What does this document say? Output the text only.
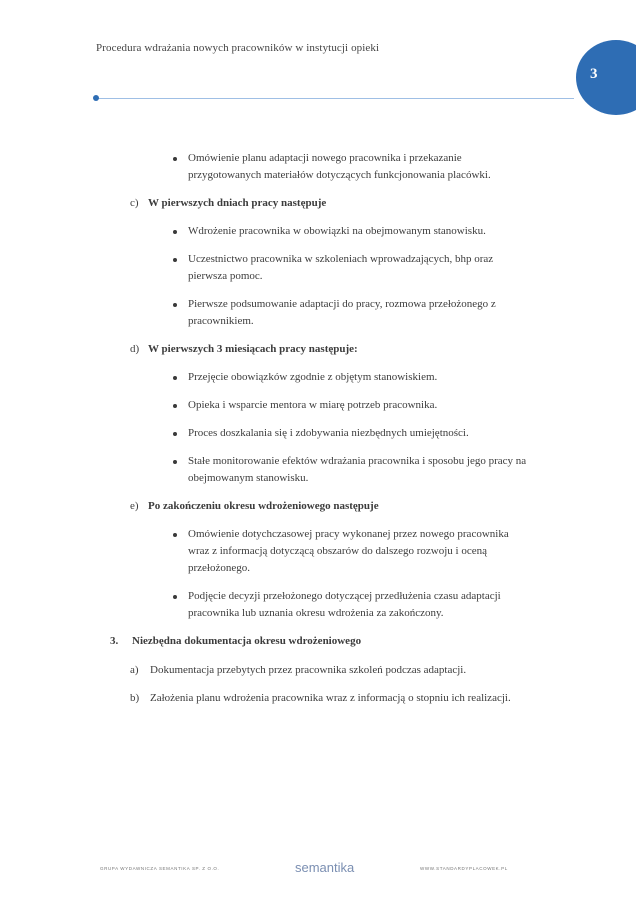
Procedura wdrażania nowych pracowników w instytucji opieki
3
Omówienie planu adaptacji nowego pracownika i przekazanie przygotowanych materiałów dotyczących funkcjonowania placówki.
c) W pierwszych dniach pracy następuje
Wdrożenie pracownika w obowiązki na obejmowanym stanowisku.
Uczestnictwo pracownika w szkoleniach wprowadzających, bhp oraz pierwsza pomoc.
Pierwsze podsumowanie adaptacji do pracy, rozmowa przełożonego z pracownikiem.
d) W pierwszych 3 miesiącach pracy następuje:
Przejęcie obowiązków zgodnie z objętym stanowiskiem.
Opieka i wsparcie mentora w miarę potrzeb pracownika.
Proces doszkalania się i zdobywania niezbędnych umiejętności.
Stałe monitorowanie efektów wdrażania pracownika i sposobu jego pracy na obejmowanym stanowisku.
e) Po zakończeniu okresu wdrożeniowego następuje
Omówienie dotychczasowej pracy wykonanej przez nowego pracownika wraz z informacją dotyczącą obszarów do dalszego rozwoju i oceną przełożonego.
Podjęcie decyzji przełożonego dotyczącej przedłużenia czasu adaptacji pracownika lub uznania okresu wdrożenia za zakończony.
3. Niezbędna dokumentacja okresu wdrożeniowego
a) Dokumentacja przebytych przez pracownika szkoleń podczas adaptacji.
b) Założenia planu wdrożenia pracownika wraz z informacją o stopniu ich realizacji.
GRUPA WYDAWNICZA SEMANTIKA SP. Z O.O.	semantika	WWW.STANDARDYPLACOWEK.PL
